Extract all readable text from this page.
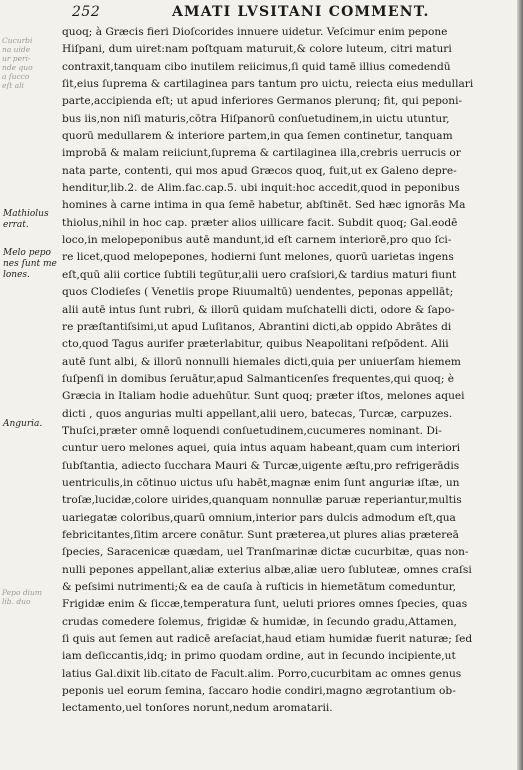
252	AMATI LVSITANI COMMENT.
Cucurbi
na uide
ur peri-
nde quo
a ſucco
eſt ali
Pepo dium
lib. duo
Mathiolus
errat.
Melo pepo
nes ſunt me
lones.
Anguria.
quoq; à Græcis fieri Dioſcorides innuere uidetur. Veſcimur enim pepone
Hiſpani, dum uiret:nam poſtquam maturuit,& colore luteum, citri maturi
contraxit,tanquam cibo inutilem reiicimus,ſi quid tamē illius comedendū
ſit,eius ſuprema & cartilaginea pars tantum pro uictu, reiecta eius medullari
parte,accipienda eſt; ut apud inferiores Germanos plerunq; fit, qui peponi-
bus iis,non niſi maturis,cōtra Hiſpanorū conſuetudinem,in uictu utuntur,
quorū medullarem & interiore partem,in qua ſemen continetur, tanquam
improbā & malam reiiciunt,ſuprema & cartilaginea illa,crebris uerrucis or
nata parte, contenti, qui mos apud Græcos quoq, fuit,ut ex Galeno depre-
henditur,lib.2. de Alim.fac.cap.5. ubi inquit:hoc accedit,quod in peponibus
homines à carne intima in qua ſemē habetur, abſtinēt. Sed hæc ignorās Ma
thiolus,nihil in hoc cap. præter alios uillicare facit. Subdit quoq; Gal.eodē
loco,in melopeponibus autē mandunt,id eſt carnem interiorē,pro quo ſci-
re licet,quod melopepones, hodierni ſunt melones, quorū uarietas ingens
eſt,quū alii cortice ſubtili tegūtur,alii uero craſsiori,& tardius maturi fiunt
quos Clodieſes ( Venetiis prope Riuumaltū) uendentes, peponas appellāt;
alii autē intus ſunt rubri, & illorū quidam muſchatelli dicti, odore & ſapo-
re præſtantiſsimi,ut apud Luſitanos, Abrantini dicti,ab oppido Abrātes di
cto,quod Tagus aurifer præterlabitur, quibus Neapolitani reſpōdent. Alii
autē ſunt albi, & illorū nonnulli hiemales dicti,quia per uniuerſam hiemem
ſuſpenſi in domibus ſeruātur,apud Salmanticenſes frequentes,qui quoq; è
Græcia in Italiam hodie aduehūtur. Sunt quoq; præter iſtos, melones aquei
dicti , quos angurias multi appellant,alii uero, batecas, Turcæ, carpuzes.
Thuſci,præter omnē loquendi conſuetudinem,cucumeres nominant. Di-
cuntur uero melones aquei, quia intus aquam habeant,quam cum interiori
ſubſtantia, adiecto ſucchara Mauri & Turcæ,uigente æſtu,pro refrigerādis
uentriculis,in cōtinuo uictus uſu habēt,magnæ enim ſunt anguriæ iſtæ, un
troſæ,lucidæ,colore uirides,quanquam nonnullæ paruæ reperiantur,multis
uariegatæ coloribus,quarū omnium,interior pars dulcis admodum eſt,qua
febricitantes,ſitim arcere conātur. Sunt præterea,ut plures alias prætereā
ſpecies, Saracenicæ quædam, uel Tranſmarinæ dictæ cucurbitæ, quas non-
nulli pepones appellant,aliæ exterius albæ,aliæ uero ſubluteæ, omnes craſsi
& peſsimi nutrimenti;& ea de cauſa à ruſticis in hiemetātum comeduntur,
Frigidæ enim & ſiccæ,temperatura ſunt, ueluti priores omnes ſpecies, quas
crudas comedere ſolemus, frigidæ & humidæ, in ſecundo gradu,Attamen,
ſi quis aut ſemen aut radicē areſaciat,haud etiam humidæ fuerit naturæ; ſed
iam deſiccantis,idq; in primo quodam ordine, aut in ſecundo incipiente,ut
latius Gal.dixit lib.citato de Facult.alim. Porro,cucurbitam ac omnes genus
peponis uel eorum ſemina, ſaccaro hodie condiri,magno ægrotantium ob-
lectamento,uel tonſores norunt,nedum aromatarii.
